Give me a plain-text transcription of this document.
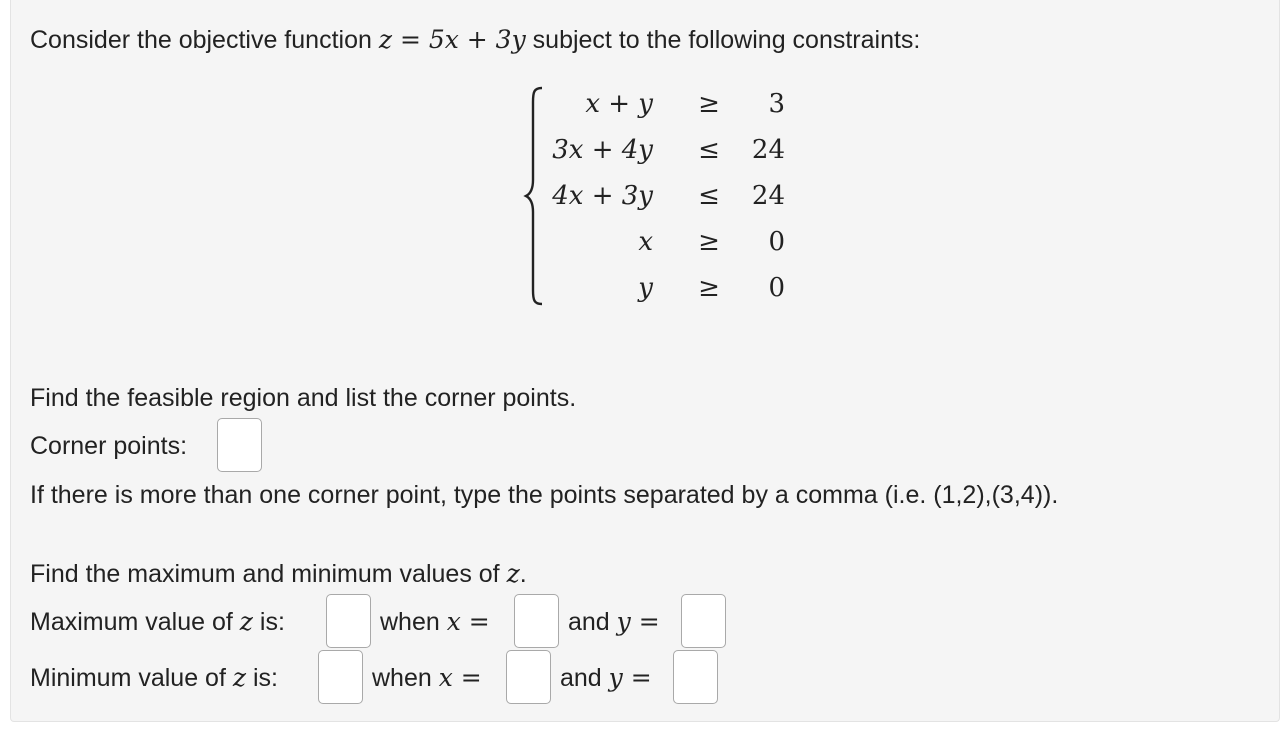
Consider the objective function z = 5x + 3y subject to the following constraints:
x + y ≥ 3
3x + 4y ≤ 24
4x + 3y ≤ 24
x ≥ 0
y ≥ 0
Find the feasible region and list the corner points.
Corner points:
If there is more than one corner point, type the points separated by a comma (i.e. (1,2),(3,4)).
Find the maximum and minimum values of z.
Maximum value of z is:	when x =	and y =
Minimum value of z is:	when x =	and y =
